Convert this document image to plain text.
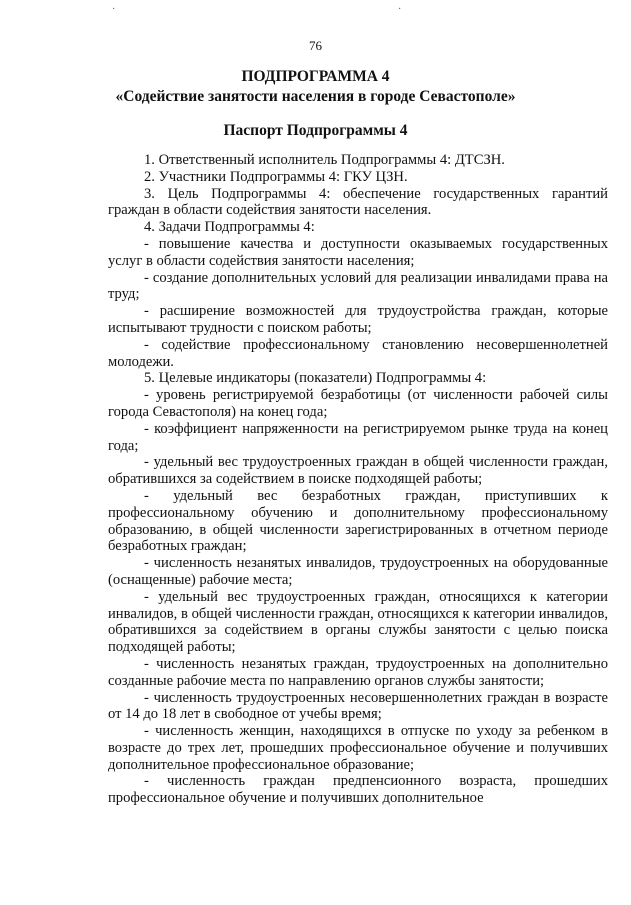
·	·
76
ПОДПРОГРАММА 4
«Содействие занятости населения в городе Севастополе»
Паспорт Подпрограммы 4

1. Ответственный исполнитель Подпрограммы 4: ДТСЗН.

2. Участники Подпрограммы 4: ГКУ ЦЗН.

3. Цель Подпрограммы 4: обеспечение государственных гарантий граждан в области содействия занятости населения.

4. Задачи Подпрограммы 4:

- повышение качества и доступности оказываемых государственных услуг в области содействия занятости населения;

- создание дополнительных условий для реализации инвалидами права на труд;

- расширение возможностей для трудоустройства граждан, которые испытывают трудности с поиском работы;

- содействие профессиональному становлению несовершеннолетней молодежи.

5. Целевые индикаторы (показатели) Подпрограммы 4:

- уровень регистрируемой безработицы (от численности рабочей силы города Севастополя) на конец года;

- коэффициент напряженности на регистрируемом рынке труда на конец года;

- удельный вес трудоустроенных граждан в общей численности граждан, обратившихся за содействием в поиске подходящей работы;

- удельный вес безработных граждан, приступивших к профессиональному обучению и дополнительному профессиональному образованию, в общей численности зарегистрированных в отчетном периоде безработных граждан;

- численность незанятых инвалидов, трудоустроенных на оборудованные (оснащенные) рабочие места;

- удельный вес трудоустроенных граждан, относящихся к категории инвалидов, в общей численности граждан, относящихся к категории инвалидов, обратившихся за содействием в органы службы занятости с целью поиска подходящей работы;

- численность незанятых граждан, трудоустроенных на дополнительно созданные рабочие места по направлению органов службы занятости;

- численность трудоустроенных несовершеннолетних граждан в возрасте от 14 до 18 лет в свободное от учебы время;

- численность женщин, находящихся в отпуске по уходу за ребенком в возрасте до трех лет, прошедших профессиональное обучение и получивших дополнительное профессиональное образование;

- численность граждан предпенсионного возраста, прошедших профессиональное обучение и получивших дополнительное
